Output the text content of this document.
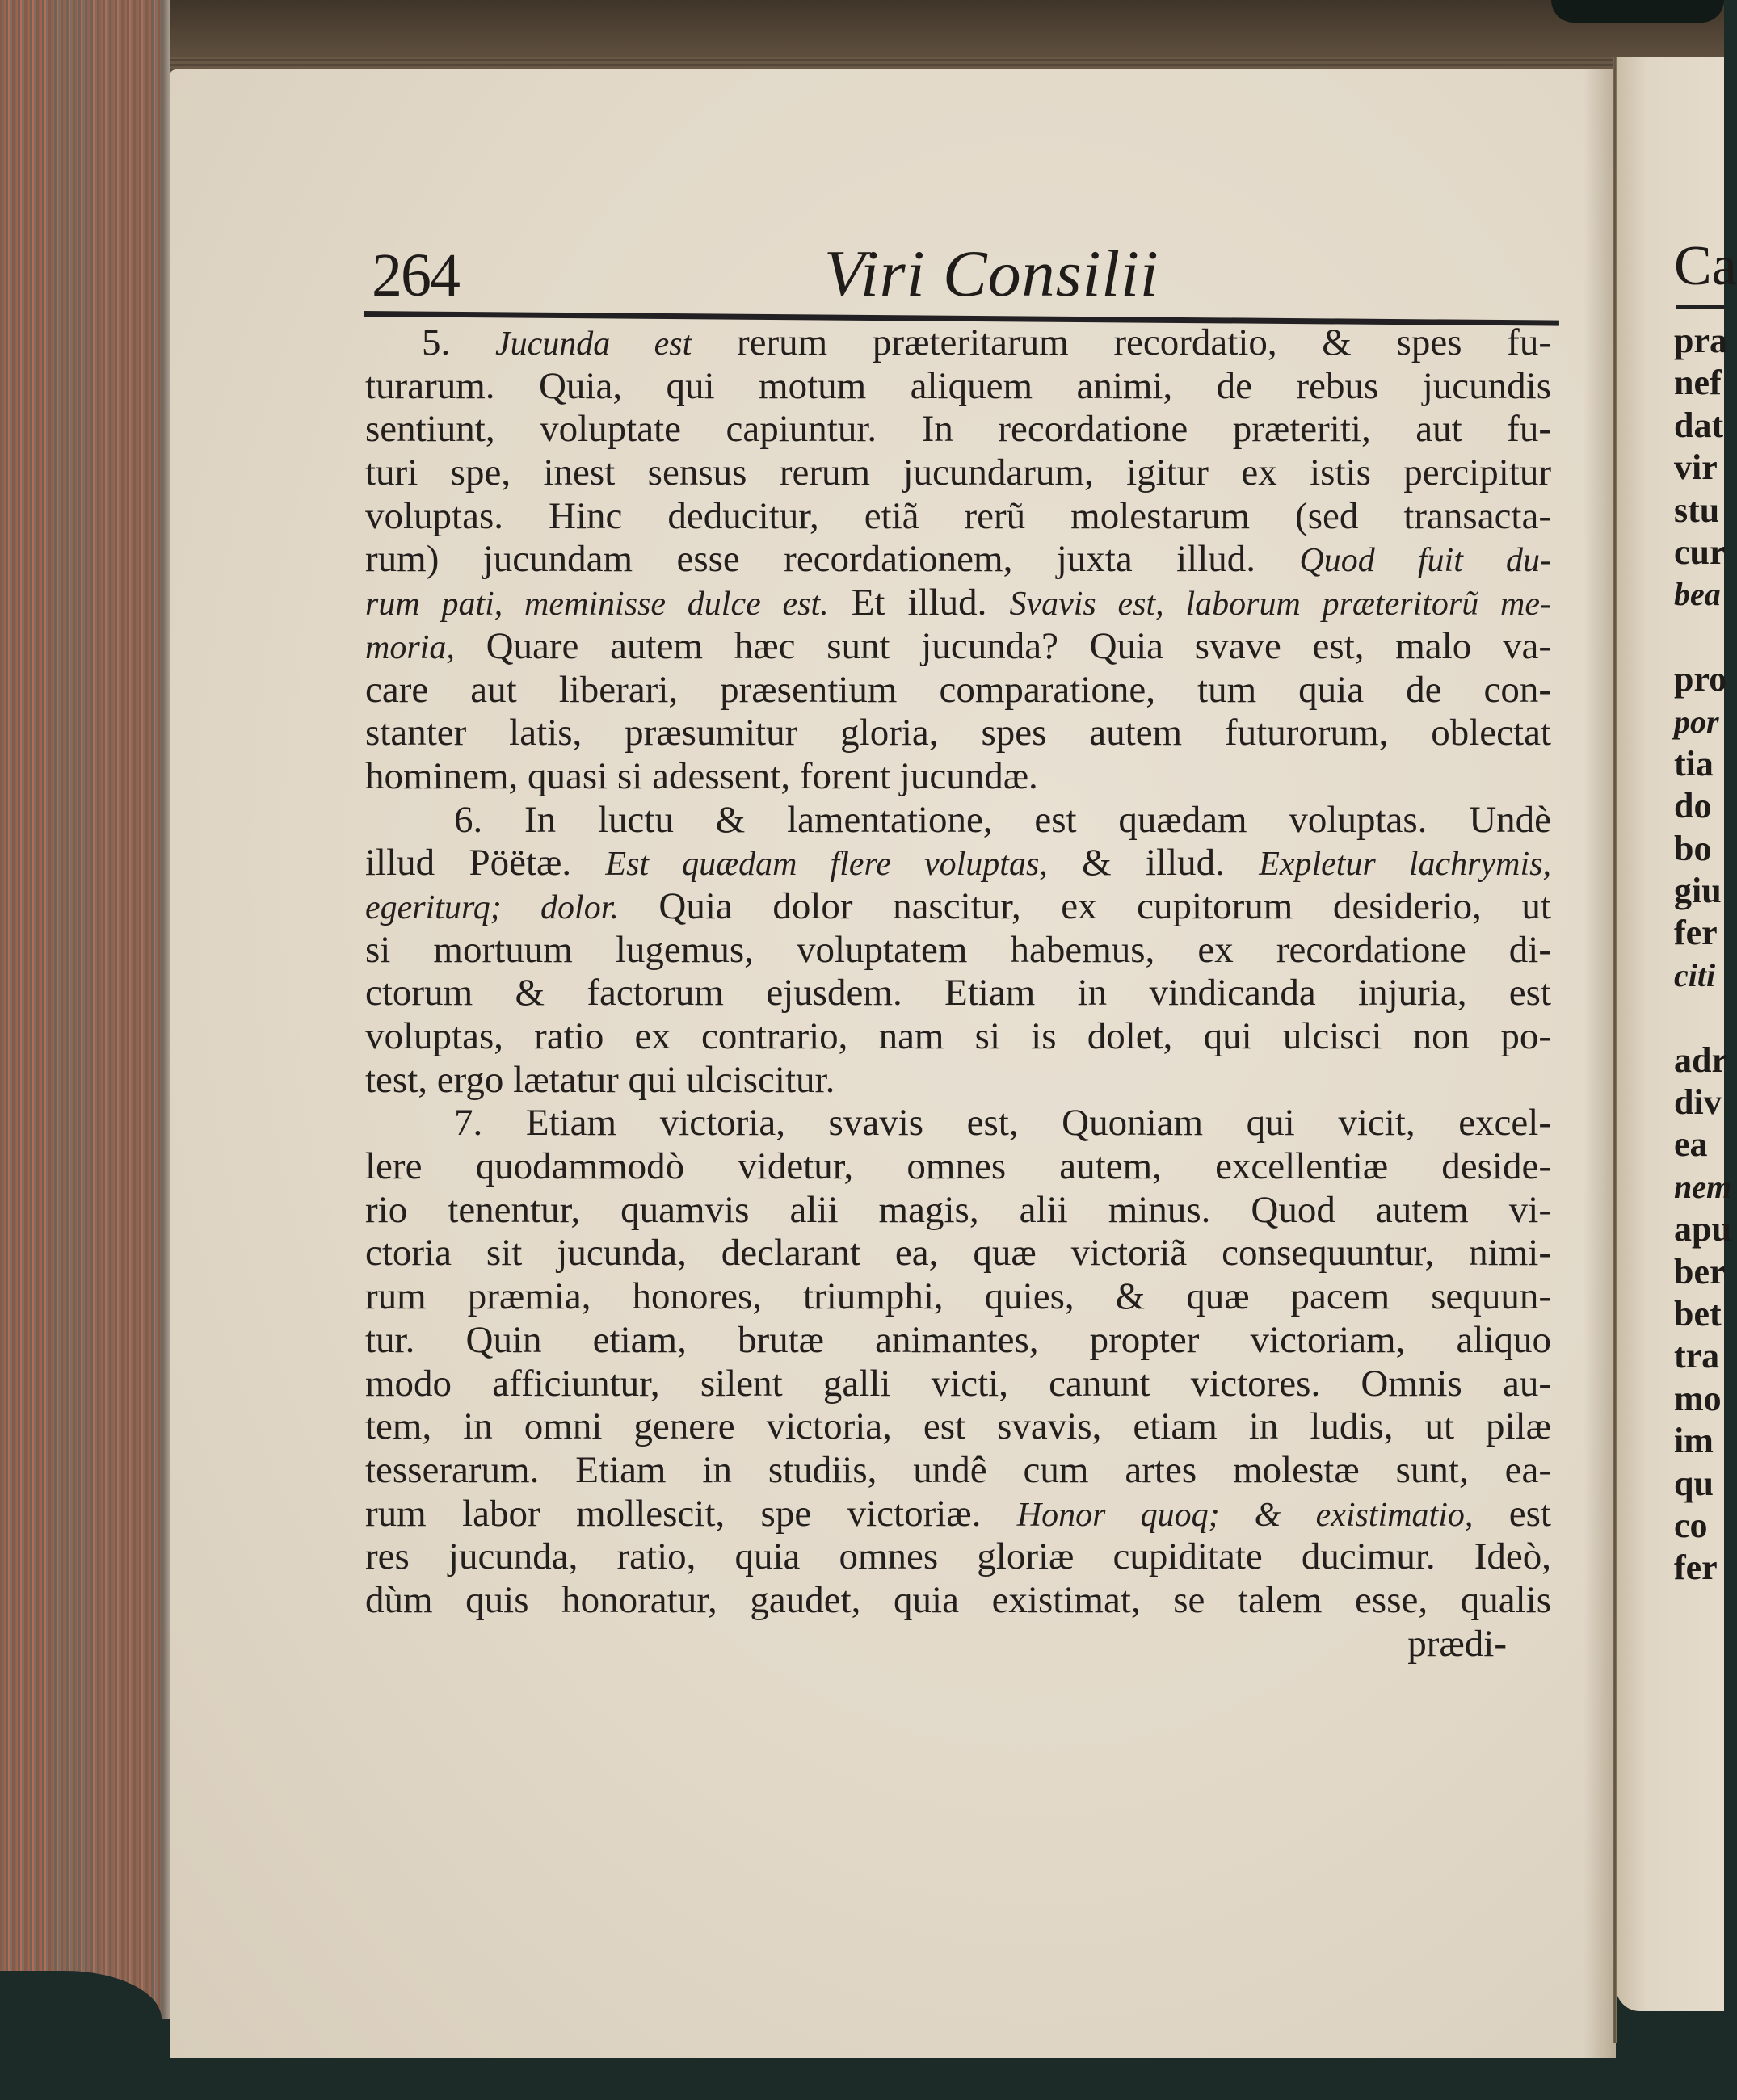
264	Viri Consilii
5. Jucunda est rerum præteritarum recordatio, & spes fu-
turarum. Quia, qui motum aliquem animi, de rebus jucundis
sentiunt, voluptate capiuntur. In recordatione præteriti, aut fu-
turi spe, inest sensus rerum jucundarum, igitur ex istis percipitur
voluptas. Hinc deducitur, etiã rerũ molestarum (sed transacta-
rum) jucundam esse recordationem, juxta illud. Quod fuit du-
rum pati, meminisse dulce est. Et illud. Svavis est, laborum præteritorũ me-
moria, Quare autem hæc sunt jucunda? Quia svave est, malo va-
care aut liberari, præsentium comparatione, tum quia de con-
stanter latis, præsumitur gloria, spes autem futurorum, oblectat
hominem, quasi si adessent, forent jucundæ.
6. In luctu & lamentatione, est quædam voluptas. Undè
illud Pöëtæ. Est quædam flere voluptas, & illud. Expletur lachrymis,
egeriturq; dolor. Quia dolor nascitur, ex cupitorum desiderio, ut
si mortuum lugemus, voluptatem habemus, ex recordatione di-
ctorum & factorum ejusdem. Etiam in vindicanda injuria, est
voluptas, ratio ex contrario, nam si is dolet, qui ulcisci non po-
test, ergo lætatur qui ulciscitur.
7. Etiam victoria, svavis est, Quoniam qui vicit, excel-
lere quodammodò videtur, omnes autem, excellentiæ deside-
rio tenentur, quamvis alii magis, alii minus. Quod autem vi-
ctoria sit jucunda, declarant ea, quæ victoriã consequuntur, nimi-
rum præmia, honores, triumphi, quies, & quæ pacem sequun-
tur. Quin etiam, brutæ animantes, propter victoriam, aliquo
modo afficiuntur, silent galli victi, canunt victores. Omnis au-
tem, in omni genere victoria, est svavis, etiam in ludis, ut pilæ
tesserarum. Etiam in studiis, undê cum artes molestæ sunt, ea-
rum labor mollescit, spe victoriæ. Honor quoq; & existimatio, est
res jucunda, ratio, quia omnes gloriæ cupiditate ducimur. Ideò,
dùm quis honoratur, gaudet, quia existimat, se talem esse, qualis
prædi-
Ca
pra
nef
dat
vir
stu
cur
bea
pro
por
tia
do
bo
giu
fer
citi
adr
div
ea
nem
apu
ber
bet
tra
mo
im
qu
co
fer
